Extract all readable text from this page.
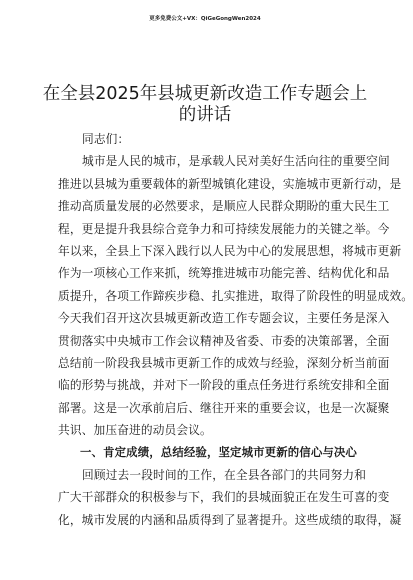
更多免费公文+VX：QiGeGongWen2024
在全县2025年县城更新改造工作专题会上的讲话
同志们：
城市是人民的城市，是承载人民对美好生活向往的重要空间
推进以县城为重要载体的新型城镇化建设，实施城市更新行动，是
推动高质量发展的必然要求，是顺应人民群众期盼的重大民生工
程，更是提升我县综合竞争力和可持续发展能力的关键之举。今
年以来，全县上下深入践行以人民为中心的发展思想，将城市更新
作为一项核心工作来抓，统筹推进城市功能完善、结构优化和品
质提升，各项工作蹄疾步稳、扎实推进，取得了阶段性的明显成效。
今天我们召开这次县城更新改造工作专题会议，主要任务是深入
贯彻落实中央城市工作会议精神及省委、市委的决策部署，全面
总结前一阶段我县城市更新工作的成效与经验，深刻分析当前面
临的形势与挑战，并对下一阶段的重点任务进行系统安排和全面
部署。这是一次承前启后、继往开来的重要会议，也是一次凝聚
共识、加压奋进的动员会议。
一、肯定成绩，总结经验，坚定城市更新的信心与决心
回顾过去一段时间的工作，在全县各部门的共同努力和
广大干部群众的积极参与下，我们的县城面貌正在发生可喜的变
化，城市发展的内涵和品质得到了显著提升。这些成绩的取得，凝
